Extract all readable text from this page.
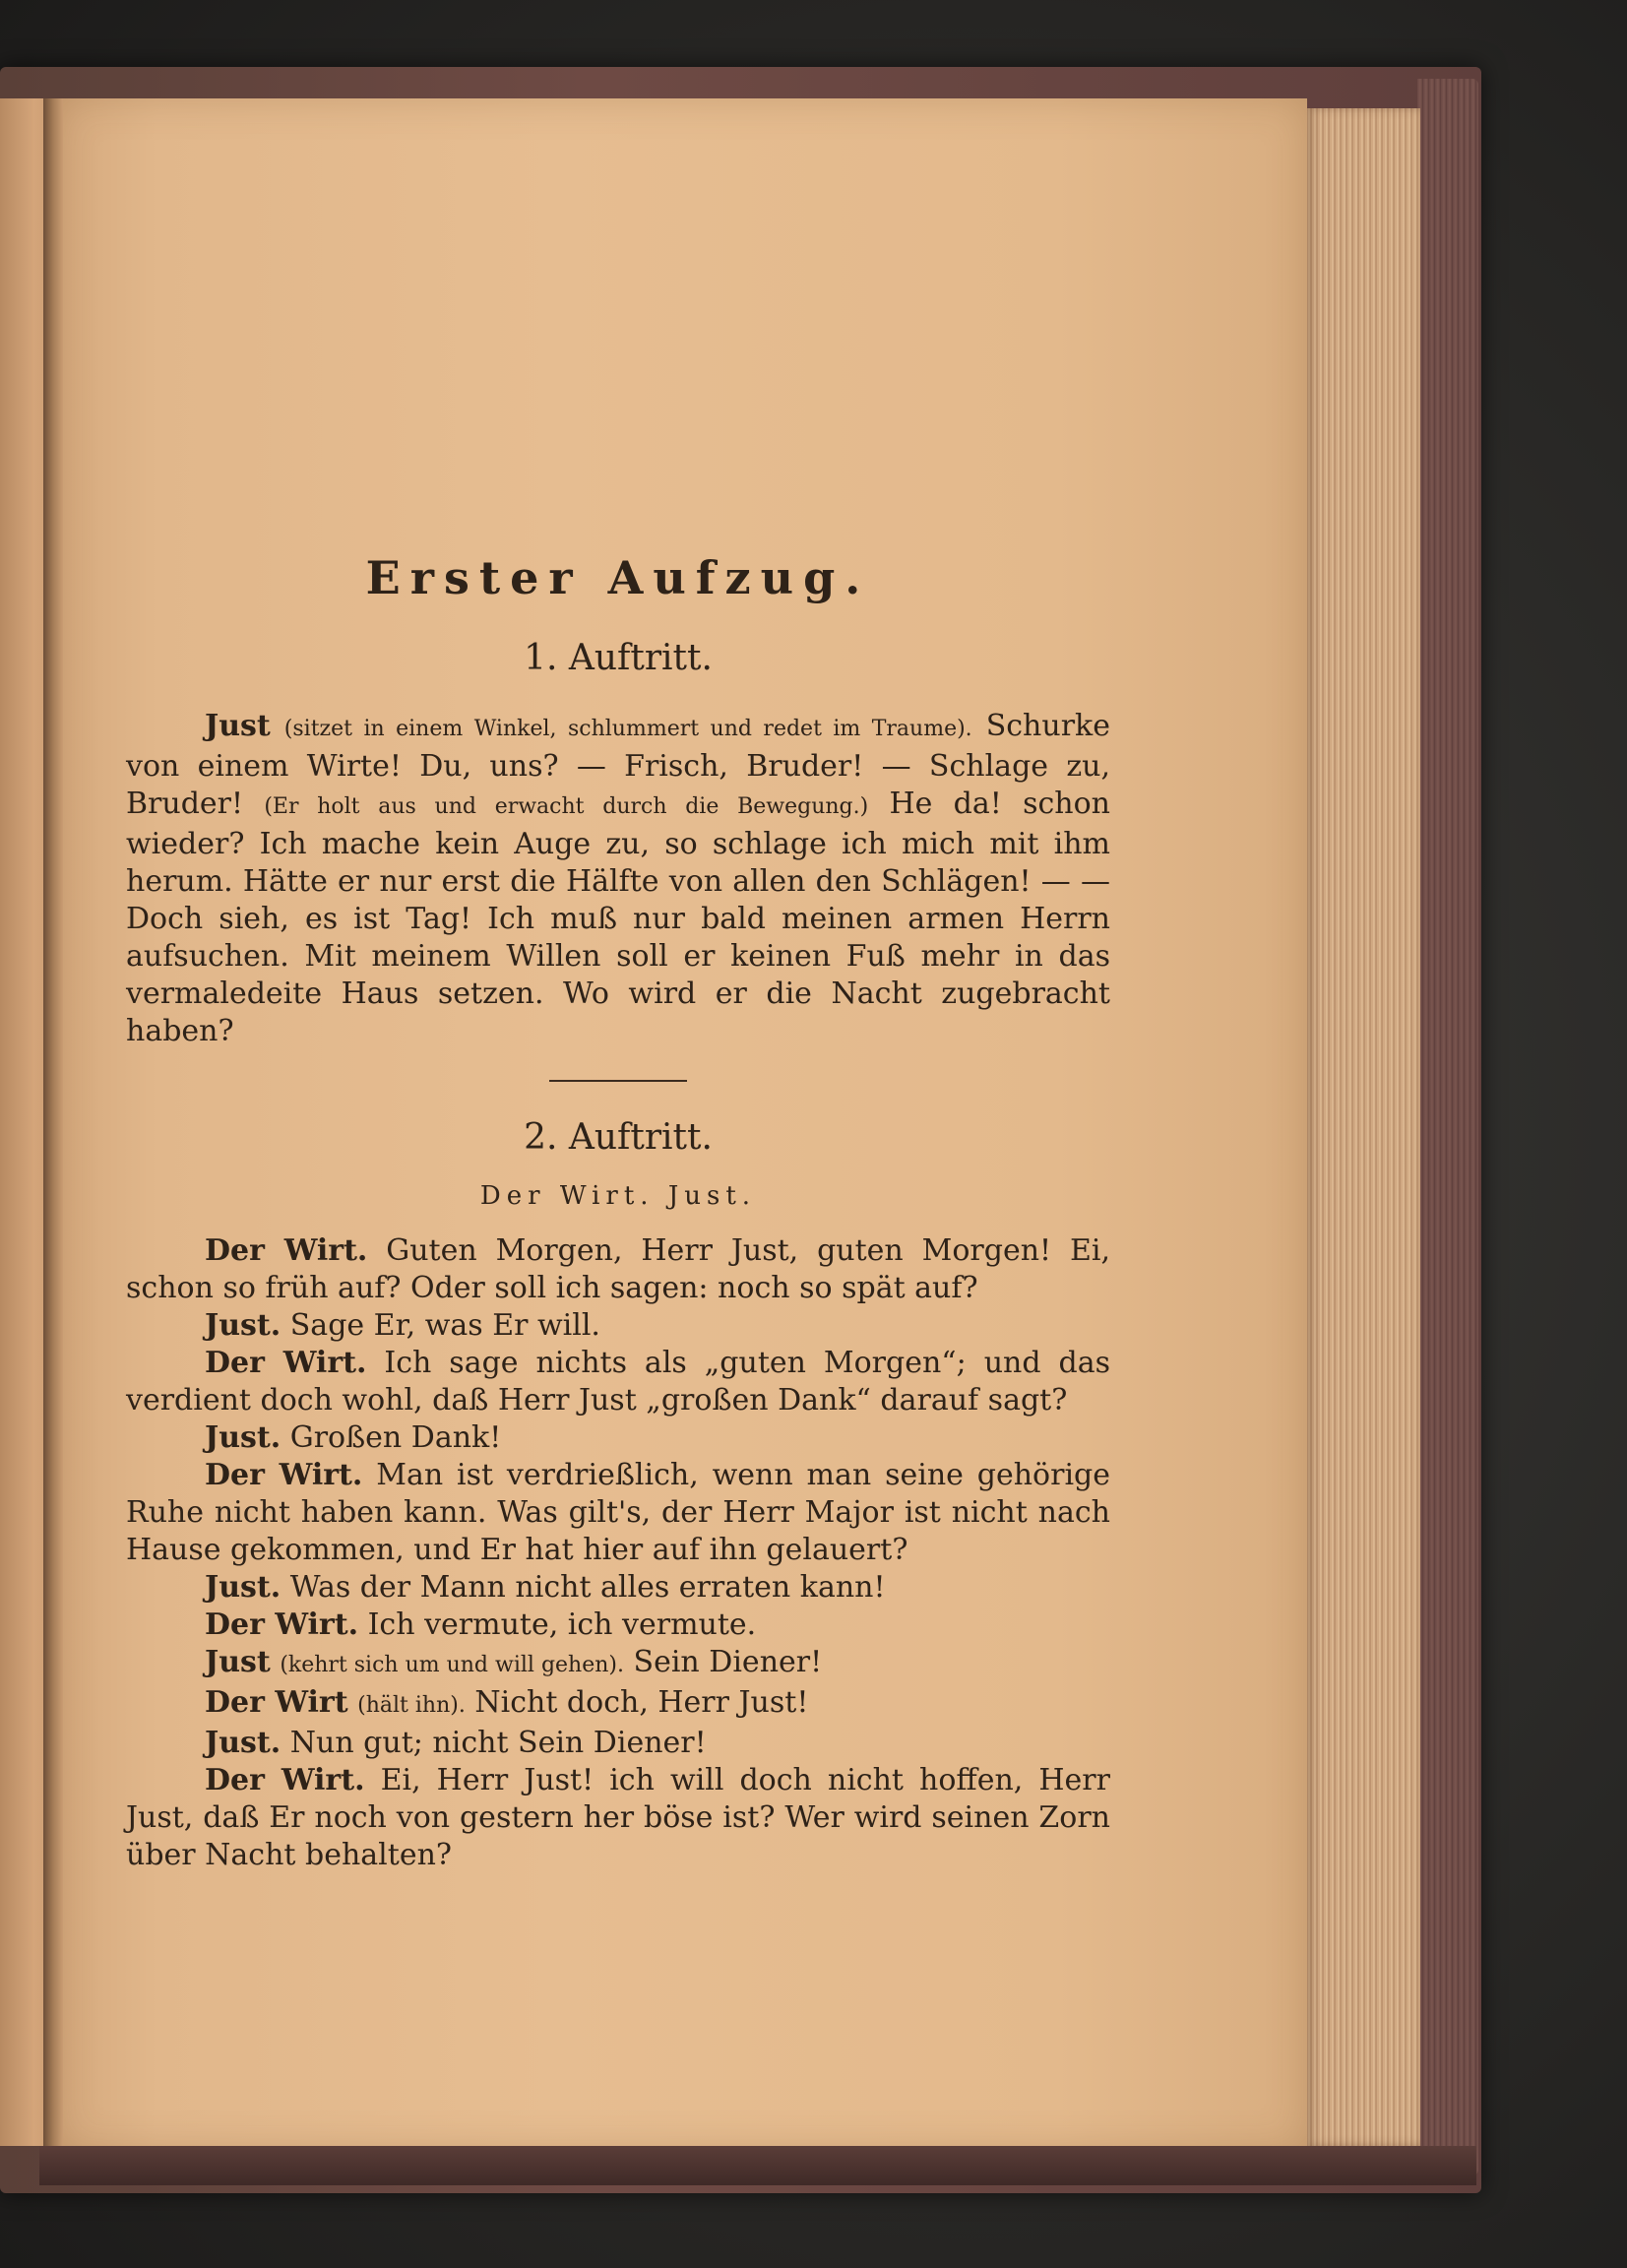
Erster Aufzug.
1. Auftritt.

Just (sitzet in einem Winkel, schlummert und redet im Traume). Schurke von einem Wirte! Du, uns? — Frisch, Bruder! — Schlage zu, Bruder! (Er holt aus und erwacht durch die Bewegung.) He da! schon wieder? Ich mache kein Auge zu, so schlage ich mich mit ihm herum. Hätte er nur erst die Hälfte von allen den Schlägen! — — Doch sieh, es ist Tag! Ich muß nur bald meinen armen Herrn aufsuchen. Mit meinem Willen soll er keinen Fuß mehr in das vermaledeite Haus setzen. Wo wird er die Nacht zugebracht haben?

2. Auftritt.
Der Wirt. Just.

Der Wirt. Guten Morgen, Herr Just, guten Morgen! Ei, schon so früh auf? Oder soll ich sagen: noch so spät auf?

Just. Sage Er, was Er will.

Der Wirt. Ich sage nichts als „guten Morgen“; und das verdient doch wohl, daß Herr Just „großen Dank“ darauf sagt?

Just. Großen Dank!

Der Wirt. Man ist verdrießlich, wenn man seine gehörige Ruhe nicht haben kann. Was gilt's, der Herr Major ist nicht nach Hause gekommen, und Er hat hier auf ihn gelauert?

Just. Was der Mann nicht alles erraten kann!

Der Wirt. Ich vermute, ich vermute.

Just (kehrt sich um und will gehen). Sein Diener!

Der Wirt (hält ihn). Nicht doch, Herr Just!

Just. Nun gut; nicht Sein Diener!

Der Wirt. Ei, Herr Just! ich will doch nicht hoffen, Herr Just, daß Er noch von gestern her böse ist? Wer wird seinen Zorn über Nacht behalten?
